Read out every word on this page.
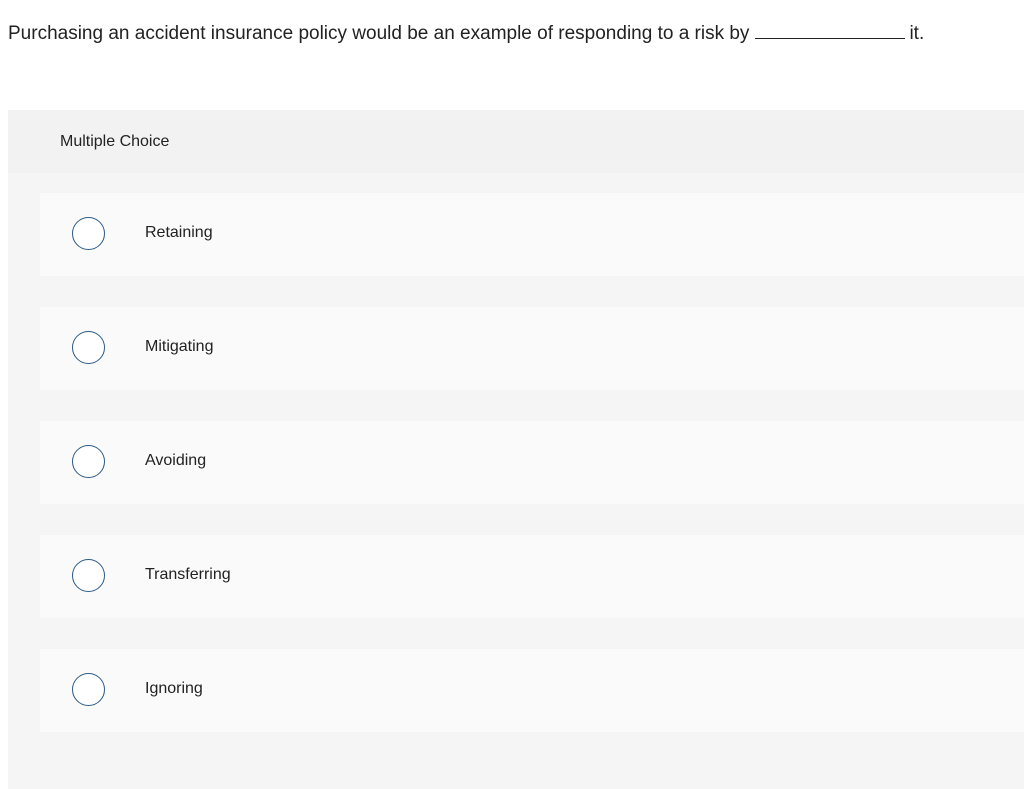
Purchasing an accident insurance policy would be an example of responding to a risk by	it.
Multiple Choice
Retaining
Mitigating
Avoiding
Transferring
Ignoring
